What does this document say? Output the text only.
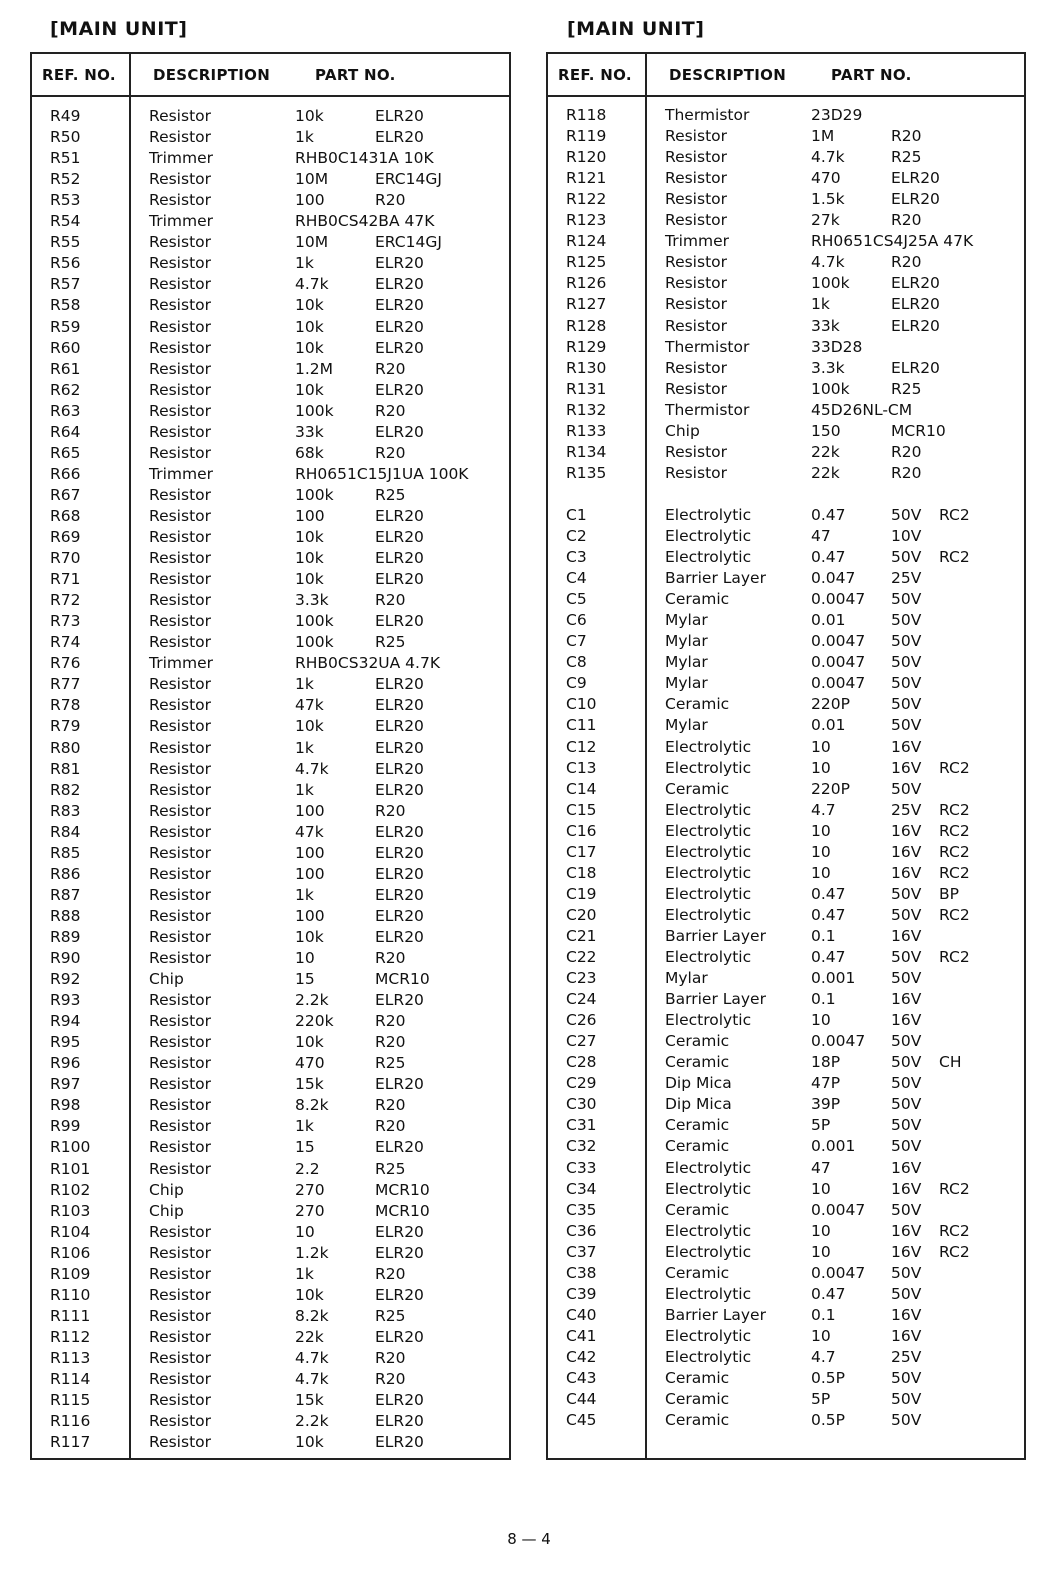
[MAIN UNIT]	[MAIN UNIT]
REF. NO. DESCRIPTION	PART NO.
R49	Resistor	10k	ELR20
R50	Resistor	1k	ELR20
R51	Trimmer	RHB0C1431A 10K
R52	Resistor	10M	ERC14GJ
R53	Resistor	100	R20
R54	Trimmer	RHB0CS42BA 47K
R55	Resistor	10M	ERC14GJ
R56	Resistor	1k	ELR20
R57	Resistor	4.7k	ELR20
R58	Resistor	10k	ELR20
R59	Resistor	10k	ELR20
R60	Resistor	10k	ELR20
R61	Resistor	1.2M	R20
R62	Resistor	10k	ELR20
R63	Resistor	100k	R20
R64	Resistor	33k	ELR20
R65	Resistor	68k	R20
R66	Trimmer	RH0651C15J1UA 100K
R67	Resistor	100k	R25
R68	Resistor	100	ELR20
R69	Resistor	10k	ELR20
R70	Resistor	10k	ELR20
R71	Resistor	10k	ELR20
R72	Resistor	3.3k	R20
R73	Resistor	100k	ELR20
R74	Resistor	100k	R25
R76	Trimmer	RHB0CS32UA 4.7K
R77	Resistor	1k	ELR20
R78	Resistor	47k	ELR20
R79	Resistor	10k	ELR20
R80	Resistor	1k	ELR20
R81	Resistor	4.7k	ELR20
R82	Resistor	1k	ELR20
R83	Resistor	100	R20
R84	Resistor	47k	ELR20
R85	Resistor	100	ELR20
R86	Resistor	100	ELR20
R87	Resistor	1k	ELR20
R88	Resistor	100	ELR20
R89	Resistor	10k	ELR20
R90	Resistor	10	R20
R92	Chip	15	MCR10
R93	Resistor	2.2k	ELR20
R94	Resistor	220k	R20
R95	Resistor	10k	R20
R96	Resistor	470	R25
R97	Resistor	15k	ELR20
R98	Resistor	8.2k	R20
R99	Resistor	1k	R20
R100	Resistor	15	ELR20
R101	Resistor	2.2	R25
R102	Chip	270	MCR10
R103	Chip	270	MCR10
R104	Resistor	10	ELR20
R106	Resistor	1.2k	ELR20
R109	Resistor	1k	R20
R110	Resistor	10k	ELR20
R111	Resistor	8.2k	R25
R112	Resistor	22k	ELR20
R113	Resistor	4.7k	R20
R114	Resistor	4.7k	R20
R115	Resistor	15k	ELR20
R116	Resistor	2.2k	ELR20
R117	Resistor	10k	ELR20
REF. NO. DESCRIPTION	PART NO.
R118	Thermistor	23D29
R119	Resistor	1M	R20
R120	Resistor	4.7k	R25
R121	Resistor	470	ELR20
R122	Resistor	1.5k	ELR20
R123	Resistor	27k	R20
R124	Trimmer	RH0651CS4J25A 47K
R125	Resistor	4.7k	R20
R126	Resistor	100k	ELR20
R127	Resistor	1k	ELR20
R128	Resistor	33k	ELR20
R129	Thermistor	33D28
R130	Resistor	3.3k	ELR20
R131	Resistor	100k	R25
R132	Thermistor	45D26NL-CM
R133	Chip	150	MCR10
R134	Resistor	22k	R20
R135	Resistor	22k	R20
C1	Electrolytic	0.47	50V RC2
C2	Electrolytic	47	10V
C3	Electrolytic	0.47	50V RC2
C4	Barrier Layer	0.047 25V
C5	Ceramic	0.0047 50V
C6	Mylar	0.01	50V
C7	Mylar	0.0047 50V
C8	Mylar	0.0047 50V
C9	Mylar	0.0047 50V
C10	Ceramic	220P	50V
C11	Mylar	0.01	50V
C12	Electrolytic	10	16V
C13	Electrolytic	10	16V RC2
C14	Ceramic	220P	50V
C15	Electrolytic	4.7	25V RC2
C16	Electrolytic	10	16V RC2
C17	Electrolytic	10	16V RC2
C18	Electrolytic	10	16V RC2
C19	Electrolytic	0.47	50V BP
C20	Electrolytic	0.47	50V RC2
C21	Barrier Layer	0.1	16V
C22	Electrolytic	0.47	50V RC2
C23	Mylar	0.001 50V
C24	Barrier Layer	0.1	16V
C26	Electrolytic	10	16V
C27	Ceramic	0.0047 50V
C28	Ceramic	18P	50V CH
C29	Dip Mica	47P	50V
C30	Dip Mica	39P	50V
C31	Ceramic	5P	50V
C32	Ceramic	0.001 50V
C33	Electrolytic	47	16V
C34	Electrolytic	10	16V RC2
C35	Ceramic	0.0047 50V
C36	Electrolytic	10	16V RC2
C37	Electrolytic	10	16V RC2
C38	Ceramic	0.0047 50V
C39	Electrolytic	0.47	50V
C40	Barrier Layer	0.1	16V
C41	Electrolytic	10	16V
C42	Electrolytic	4.7	25V
C43	Ceramic	0.5P	50V
C44	Ceramic	5P	50V
C45	Ceramic	0.5P	50V
8 — 4
